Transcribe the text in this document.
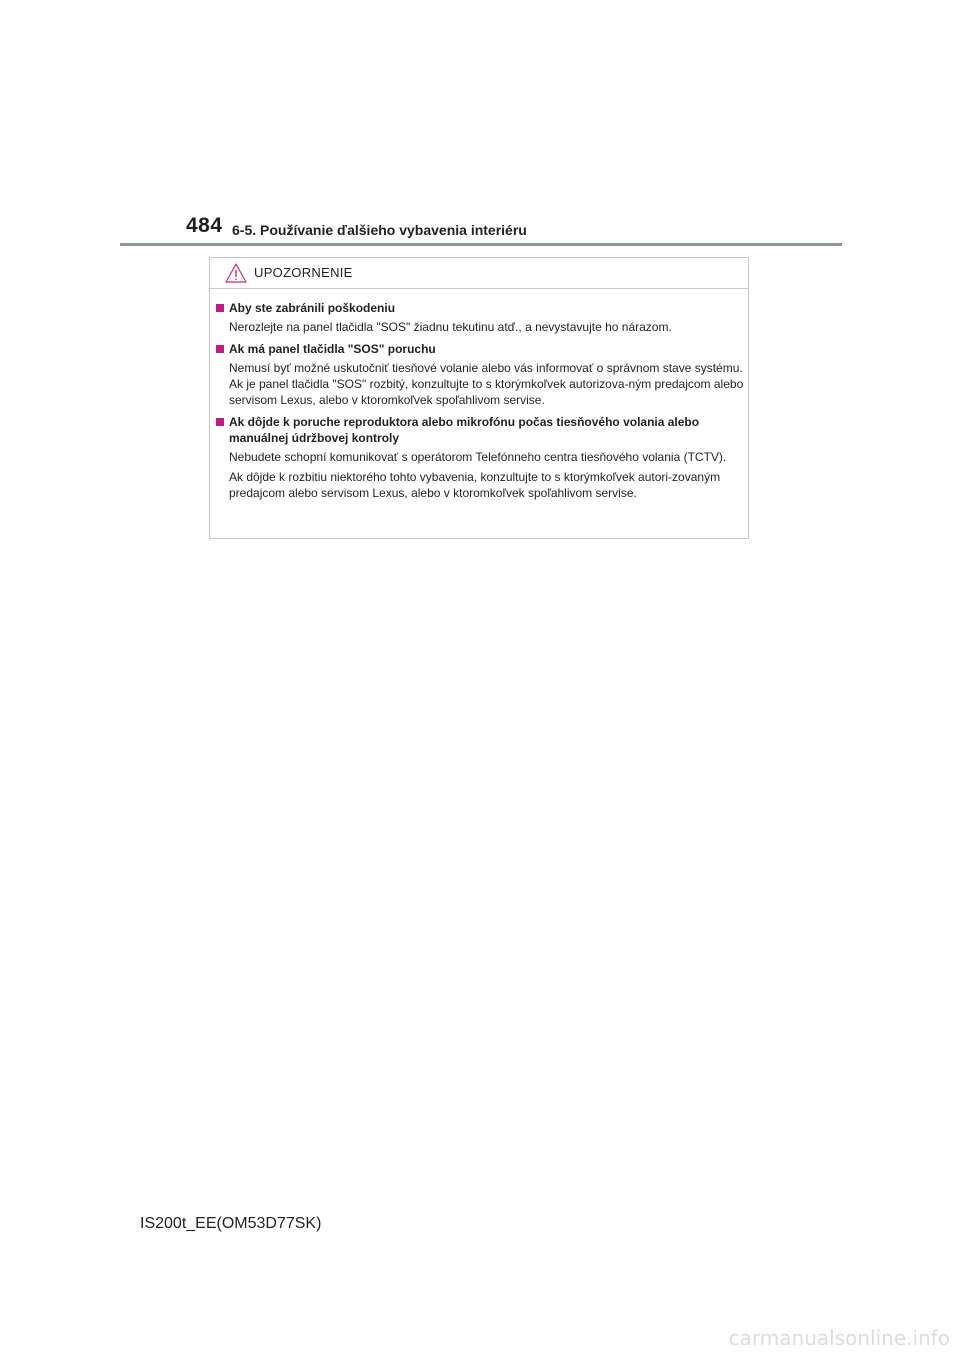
484 6-5. Používanie ďalšieho vybavenia interiéru
UPOZORNENIE
Aby ste zabránili poškodeniu
Nerozlejte na panel tlačidla "SOS" žiadnu tekutinu atď., a nevystavujte ho nárazom.
Ak má panel tlačidla "SOS" poruchu
Nemusí byť možné uskutočniť tiesňové volanie alebo vás informovať o správnom stave systému. Ak je panel tlačidla "SOS" rozbitý, konzultujte to s ktorýmkoľvek autorizova-ným predajcom alebo servisom Lexus, alebo v ktoromkoľvek spoľahlivom servise.
Ak dôjde k poruche reproduktora alebo mikrofónu počas tiesňového volania alebo manuálnej údržbovej kontroly
Nebudete schopní komunikovať s operátorom Telefónneho centra tiesňového volania (TCTV).
Ak dôjde k rozbitiu niektorého tohto vybavenia, konzultujte to s ktorýmkoľvek autori-zovaným predajcom alebo servisom Lexus, alebo v ktoromkoľvek spoľahlivom servise.
IS200t_EE(OM53D77SK)
carmanualsonline.info
